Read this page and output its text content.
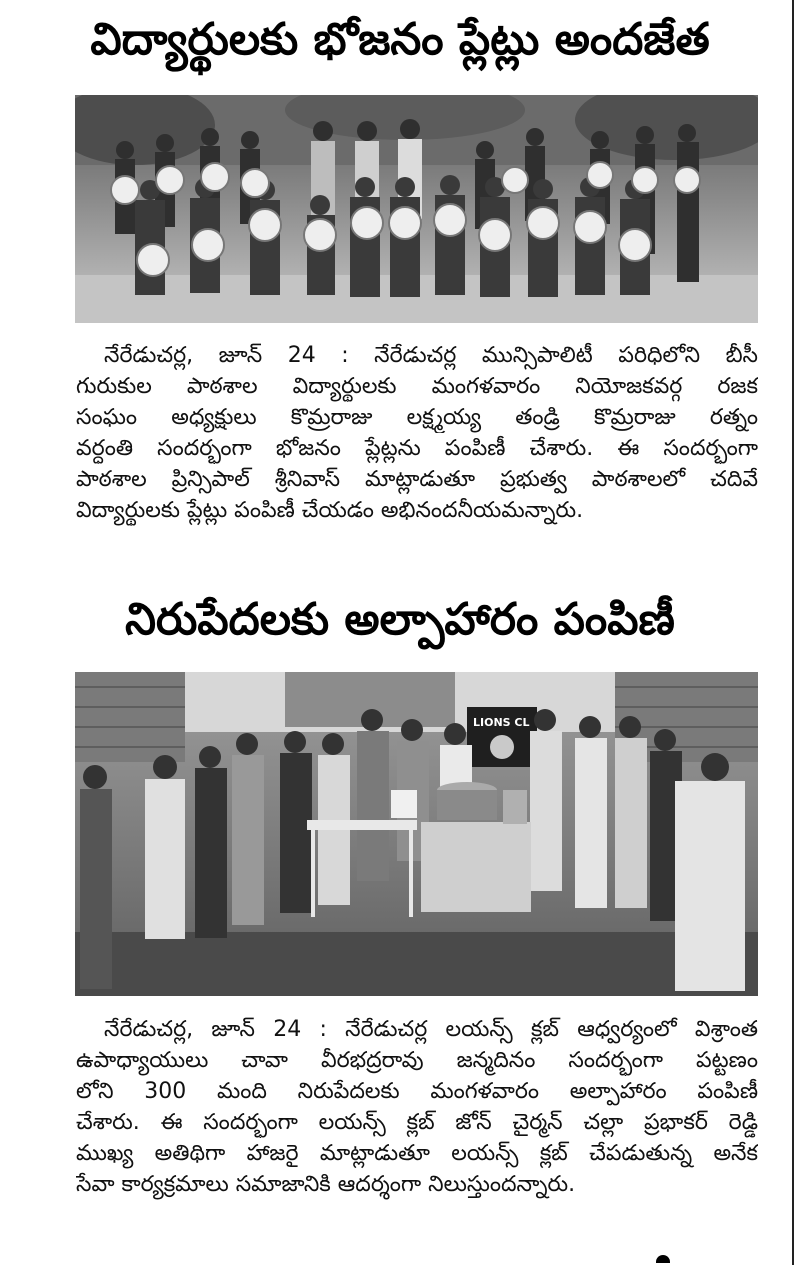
విద్యార్థులకు భోజనం ప్లేట్లు అందజేత
నేరేడుచర్ల, జూన్ 24 : నేరేడుచర్ల మున్సిపాలిటీ పరిధిలోని బీసీ
గురుకుల పాఠశాల విద్యార్థులకు మంగళవారం నియోజకవర్గ రజక
సంఘం అధ్యక్షులు కొమ్రరాజు లక్ష్మయ్య తండ్రి కొమ్రరాజు రత్నం
వర్ధంతి సందర్భంగా భోజనం ప్లేట్లను పంపిణీ చేశారు. ఈ సందర్భంగా
పాఠశాల ప్రిన్సిపాల్ శ్రీనివాస్ మాట్లాడుతూ ప్రభుత్వ పాఠశాలలో చదివే
విద్యార్థులకు ప్లేట్లు పంపిణీ చేయడం అభినందనీయమన్నారు.
నిరుపేదలకు అల్పాహారం పంపిణీ
LIONS CL
నేరేడుచర్ల, జూన్ 24 : నేరేడుచర్ల లయన్స్ క్లబ్ ఆధ్వర్యంలో విశ్రాంత
ఉపాధ్యాయులు చావా వీరభద్రరావు జన్మదినం సందర్భంగా పట్టణం
లోని 300 మంది నిరుపేదలకు మంగళవారం అల్పాహారం పంపిణీ
చేశారు. ఈ సందర్భంగా లయన్స్ క్లబ్ జోన్ చైర్మన్ చల్లా ప్రభాకర్ రెడ్డి
ముఖ్య అతిథిగా హాజరై మాట్లాడుతూ లయన్స్ క్లబ్ చేపడుతున్న అనేక
సేవా కార్యక్రమాలు సమాజానికి ఆదర్శంగా నిలుస్తుందన్నారు.
